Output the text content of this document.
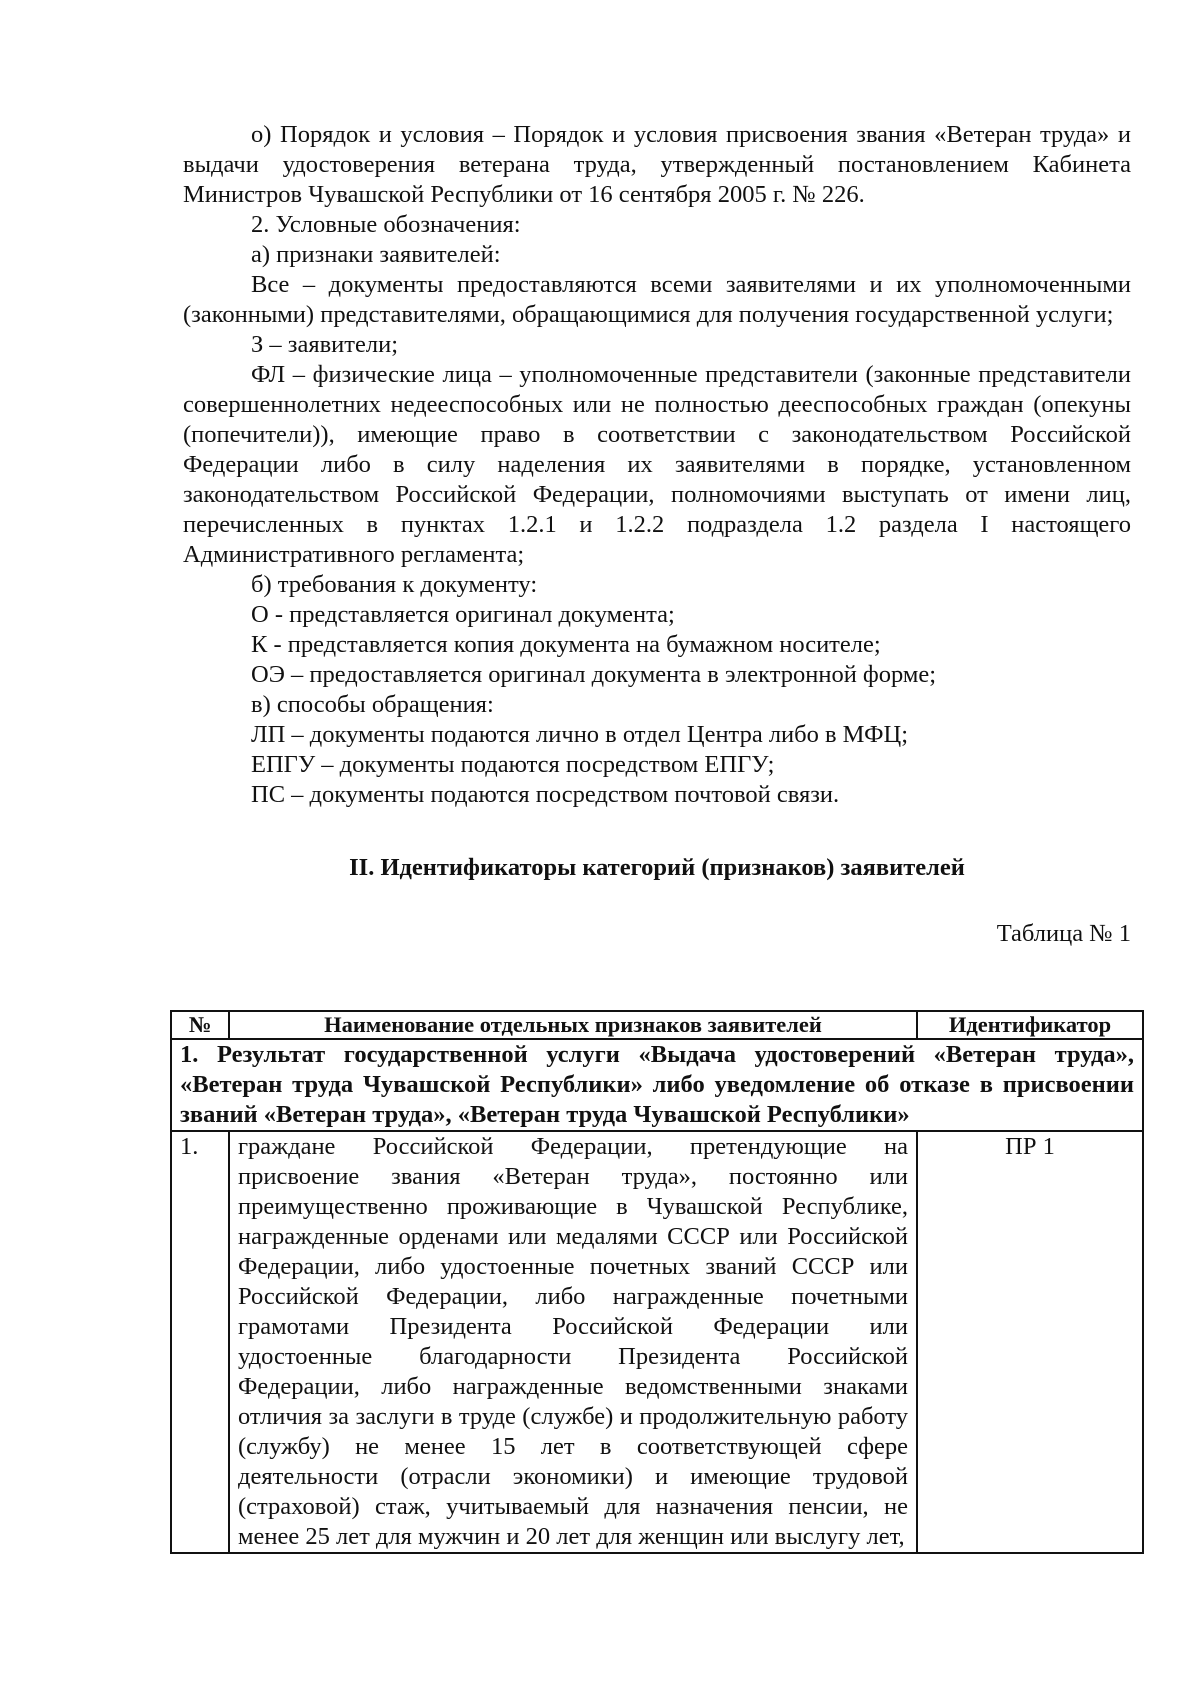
о) Порядок и условия – Порядок и условия присвоения звания «Ветеран труда» и выдачи удостоверения ветерана труда, утвержденный постановлением Кабинета Министров Чувашской Республики от 16 сентября 2005 г. № 226.

2. Условные обозначения:

а) признаки заявителей:

Все – документы предоставляются всеми заявителями и их уполномоченными (законными) представителями, обращающимися для получения государственной услуги;

З – заявители;

ФЛ – физические лица – уполномоченные представители (законные представители совершеннолетних недееспособных или не полностью дееспособных граждан (опекуны (попечители)), имеющие право в соответствии с законодательством Российской Федерации либо в силу наделения их заявителями в порядке, установленном законодательством Российской Федерации, полномочиями выступать от имени лиц, перечисленных в пунктах 1.2.1 и 1.2.2 подраздела 1.2 раздела I настоящего Административного регламента;

б) требования к документу:

О - представляется оригинал документа;

К - представляется копия документа на бумажном носителе;

ОЭ – предоставляется оригинал документа в электронной форме;

в) способы обращения:

ЛП – документы подаются лично в отдел Центра либо в МФЦ;

ЕПГУ – документы подаются посредством ЕПГУ;

ПС – документы подаются посредством почтовой связи.

II. Идентификаторы категорий (признаков) заявителей

Таблица № 1

№	Наименование отдельных признаков заявителей	Идентификатор
1. Результат государственной услуги «Выдача удостоверений «Ветеран труда», «Ветеран труда Чувашской Республики» либо уведомление об отказе в присвоении званий «Ветеран труда», «Ветеран труда Чувашской Республики»		
1.	граждане Российской Федерации, претендующие на присвоение звания «Ветеран труда», постоянно или преимущественно проживающие в Чувашской Республике, награжденные орденами или медалями СССР или Российской Федерации, либо удостоенные почетных званий СССР или Российской Федерации, либо награжденные почетными грамотами Президента Российской Федерации или удостоенные благодарности Президента Российской Федерации, либо награжденные ведомственными знаками отличия за заслуги в труде (службе) и продолжительную работу (службу) не менее 15 лет в соответствующей сфере деятельности (отрасли экономики) и имеющие трудовой (страховой) стаж, учитываемый для назначения пенсии, не менее 25 лет для мужчин и 20 лет для женщин или выслугу лет,	ПР 1
